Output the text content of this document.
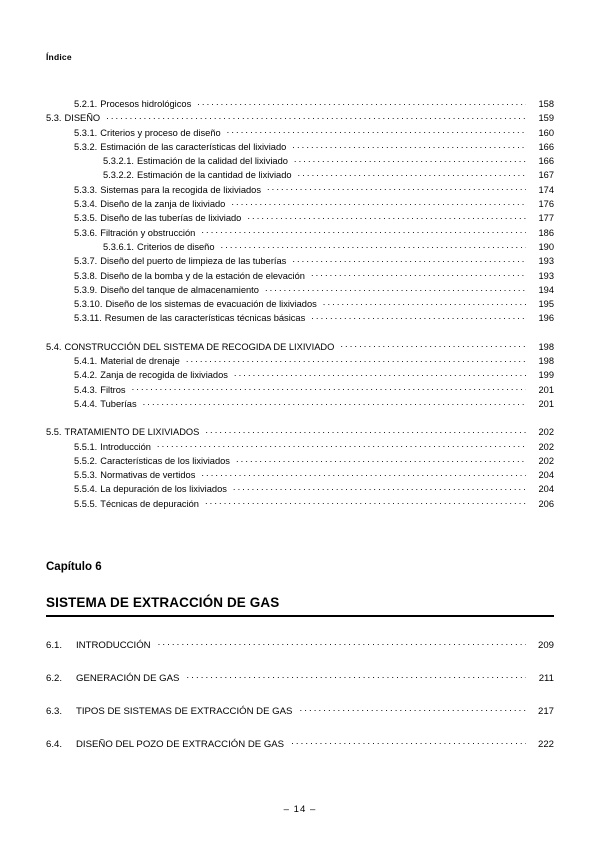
Índice
5.2.1. Procesos hidrológicos .....	158
5.3. DISEÑO .....	159
5.3.1. Criterios y proceso de diseño .....	160
5.3.2. Estimación de las características del lixiviado .....	166
5.3.2.1. Estimación de la calidad del lixiviado .....	166
5.3.2.2. Estimación de la cantidad de lixiviado .....	167
5.3.3. Sistemas para la recogida de lixiviados .....	174
5.3.4. Diseño de la zanja de lixiviado .....	176
5.3.5. Diseño de las tuberías de lixiviado .....	177
5.3.6. Filtración y obstrucción .....	186
5.3.6.1. Criterios de diseño .....	190
5.3.7. Diseño del puerto de limpieza de las tuberías .....	193
5.3.8. Diseño de la bomba y de la estación de elevación .....	193
5.3.9. Diseño del tanque de almacenamiento .....	194
5.3.10. Diseño de los sistemas de evacuación de lixiviados .....	195
5.3.11. Resumen de las características técnicas básicas .....	196
5.4. CONSTRUCCIÓN DEL SISTEMA DE RECOGIDA DE LIXIVIADO .....	198
5.4.1. Material de drenaje .....	198
5.4.2. Zanja de recogida de lixiviados .....	199
5.4.3. Filtros .....	201
5.4.4. Tuberías .....	201
5.5. TRATAMIENTO DE LIXIVIADOS .....	202
5.5.1. Introducción .....	202
5.5.2. Características de los lixiviados .....	202
5.5.3. Normativas de vertidos .....	204
5.5.4. La depuración de los lixiviados .....	204
5.5.5. Técnicas de depuración .....	206
Capítulo 6
SISTEMA DE EXTRACCIÓN DE GAS
6.1.	INTRODUCCIÓN .....	209
6.2.	GENERACIÓN DE GAS .....	211
6.3.	TIPOS DE SISTEMAS DE EXTRACCIÓN DE GAS .....	217
6.4.	DISEÑO DEL POZO DE EXTRACCIÓN DE GAS .....	222
– 14 –
